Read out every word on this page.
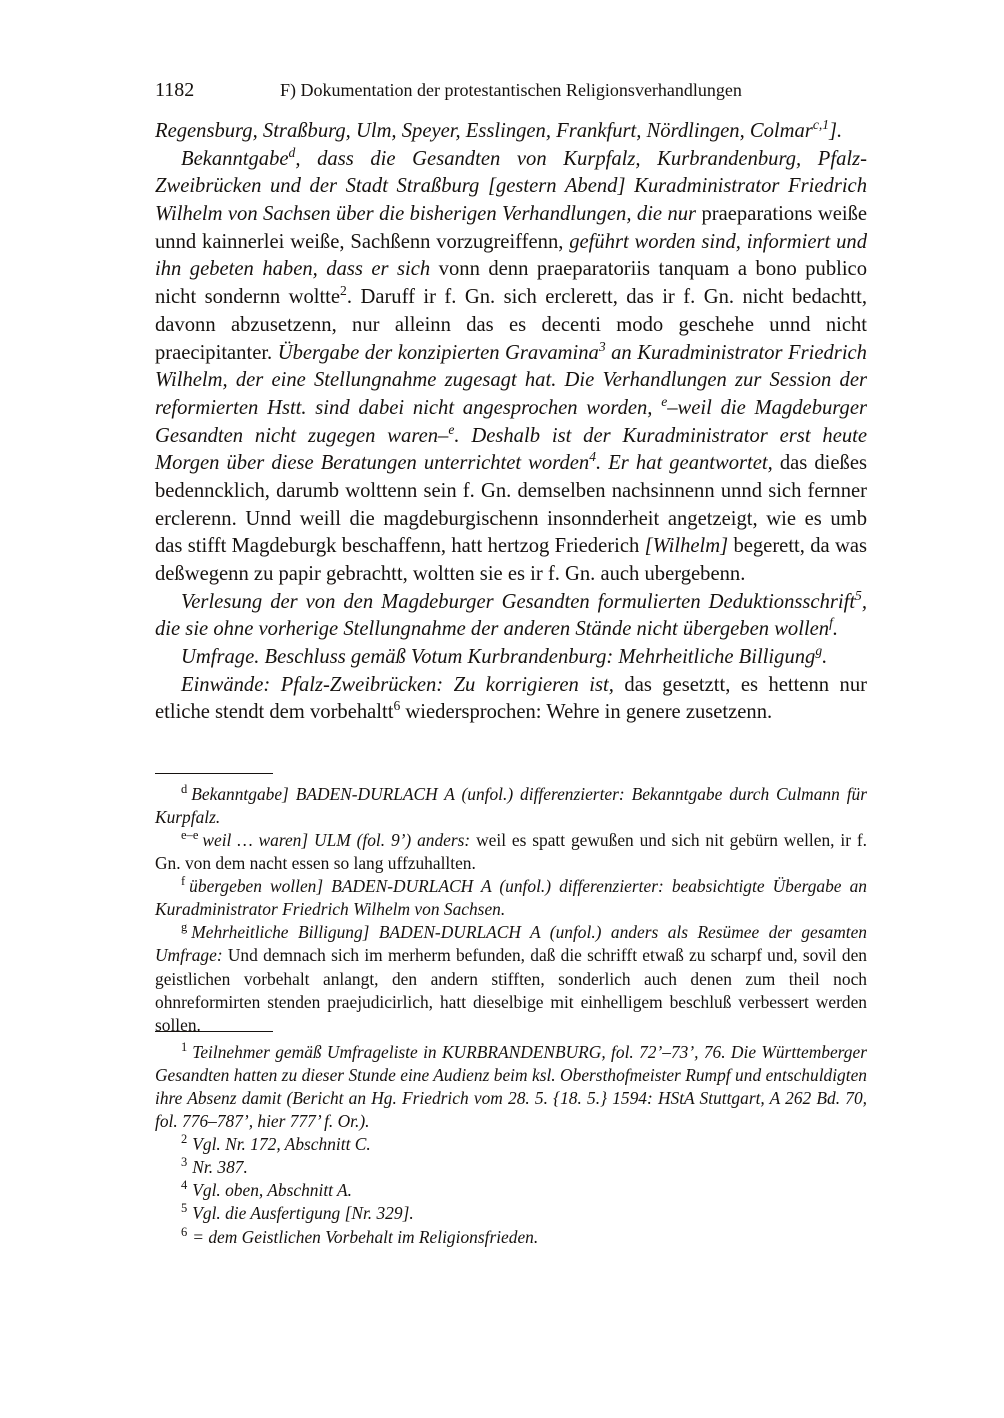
1182	F) Dokumentation der protestantischen Religionsverhandlungen

Regensburg, Straßburg, Ulm, Speyer, Esslingen, Frankfurt, Nördlingen, Colmar$^{c,1}$].

Bekanntgabe$^d$, dass die Gesandten von Kurpfalz, Kurbrandenburg, Pfalz-Zweibrücken und der Stadt Straßburg [gestern Abend] Kuradministrator Friedrich Wilhelm von Sachsen über die bisherigen Verhandlungen, die nur praeparations weiße unnd kainnerlei weiße, Sachßenn vorzugreiffenn, geführt worden sind, informiert und ihn gebeten haben, dass er sich vonn denn praeparatoriis tanquam a bono publico nicht sondernn woltte$^2$. Daruff ir f. Gn. sich erclerett, das ir f. Gn. nicht bedachtt, davonn abzusetzenn, nur alleinn das es decenti modo geschehe unnd nicht praecipitanter. Übergabe der konzipierten Gravamina$^3$ an Kuradministrator Friedrich Wilhelm, der eine Stellungnahme zugesagt hat. Die Verhandlungen zur Session der reformierten Hstt. sind dabei nicht angesprochen worden, $^e$–weil die Magdeburger Gesandten nicht zugegen waren–$^e$. Deshalb ist der Kuradministrator erst heute Morgen über diese Beratungen unterrichtet worden$^4$. Er hat geantwortet, das dießes bedenncklich, darumb wolttenn sein f. Gn. demselben nachsinnenn unnd sich fernner erclerenn. Unnd weill die magdeburgischenn insonnderheit angetzeigt, wie es umb das stifft Magdeburgk beschaffenn, hatt hertzog Friederich [Wilhelm] begerett, da was deßwegenn zu papir gebrachtt, woltten sie es ir f. Gn. auch ubergebenn.

Verlesung der von den Magdeburger Gesandten formulierten Deduktionsschrift$^5$, die sie ohne vorherige Stellungnahme der anderen Stände nicht übergeben wollen$^f$.

Umfrage. Beschluss gemäß Votum Kurbrandenburg: Mehrheitliche Billigung$^g$.

Einwände: Pfalz-Zweibrücken: Zu korrigieren ist, das gesetztt, es hettenn nur etliche stendt dem vorbehaltt$^6$ wiedersprochen: Wehre in genere zusetzenn.

$^d$ Bekanntgabe] BADEN-DURLACH A (unfol.) differenzierter: Bekanntgabe durch Culmann für Kurpfalz.

$^{e-e}$ weil … waren] ULM (fol. 9’) anders: weil es spatt gewußen und sich nit gebürn wellen, ir f. Gn. von dem nacht essen so lang uffzuhallten.

$^f$ übergeben wollen] BADEN-DURLACH A (unfol.) differenzierter: beabsichtigte Übergabe an Kuradministrator Friedrich Wilhelm von Sachsen.

$^g$ Mehrheitliche Billigung] BADEN-DURLACH A (unfol.) anders als Resümee der gesamten Umfrage: Und demnach sich im merherm befunden, daß die schrifft etwaß zu scharpf und, sovil den geistlichen vorbehalt anlangt, den andern stifften, sonderlich auch denen zum theil noch ohnreformirten stenden praejudicirlich, hatt dieselbige mit einhelligem beschluß verbessert werden sollen.

$^1$ Teilnehmer gemäß Umfrageliste in KURBRANDENBURG, fol. 72’–73’, 76. Die Württemberger Gesandten hatten zu dieser Stunde eine Audienz beim ksl. Obersthofmeister Rumpf und entschuldigten ihre Absenz damit (Bericht an Hg. Friedrich vom 28. 5. {18. 5.} 1594: HStA Stuttgart, A 262 Bd. 70, fol. 776–787’, hier 777’ f. Or.).

$^2$ Vgl. Nr. 172, Abschnitt C.

$^3$ Nr. 387.

$^4$ Vgl. oben, Abschnitt A.

$^5$ Vgl. die Ausfertigung [Nr. 329].

$^6$ = dem Geistlichen Vorbehalt im Religionsfrieden.
